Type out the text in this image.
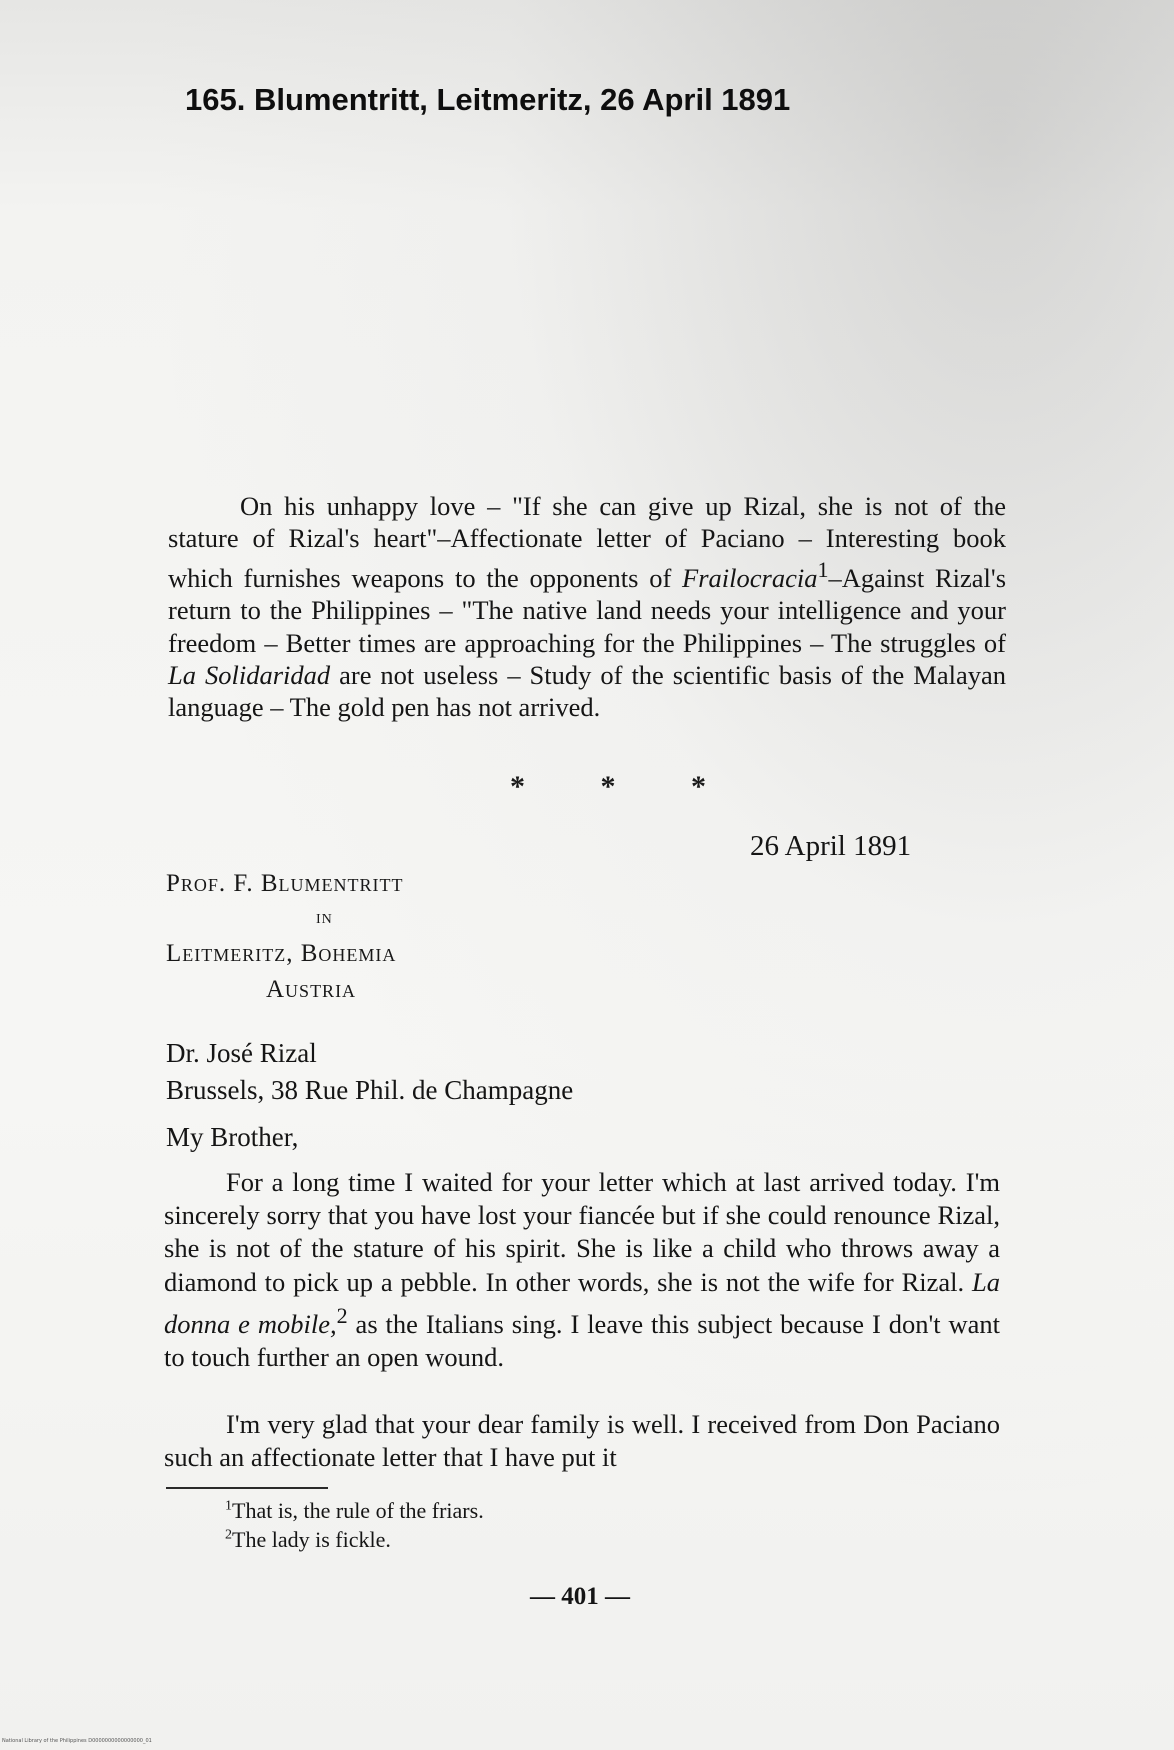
165. Blumentritt, Leitmeritz, 26 April 1891
On his unhappy love – "If she can give up Rizal, she is not of the stature of Rizal's heart"–Affectionate letter of Paciano – Interesting book which furnishes weapons to the opponents of Frailocracia$^1$–Against Rizal's return to the Philippines – "The native land needs your intelligence and your freedom – Better times are approaching for the Philippines – The struggles of La Solidaridad are not useless – Study of the scientific basis of the Malayan language – The gold pen has not arrived.
* * *
26 April 1891
Prof. F. Blumentritt
in
Leitmeritz, Bohemia
Austria
Dr. José Rizal
Brussels, 38 Rue Phil. de Champagne
My Brother,
For a long time I waited for your letter which at last arrived today. I'm sincerely sorry that you have lost your fiancée but if she could renounce Rizal, she is not of the stature of his spirit. She is like a child who throws away a diamond to pick up a pebble. In other words, she is not the wife for Rizal. La donna e mobile,$^2$ as the Italians sing. I leave this subject because I don't want to touch further an open wound.
I'm very glad that your dear family is well. I received from Don Paciano such an affectionate letter that I have put it
$^1$That is, the rule of the friars.
$^2$The lady is fickle.
— 401 —
National Library of the Philippines D0000000000000000_01
